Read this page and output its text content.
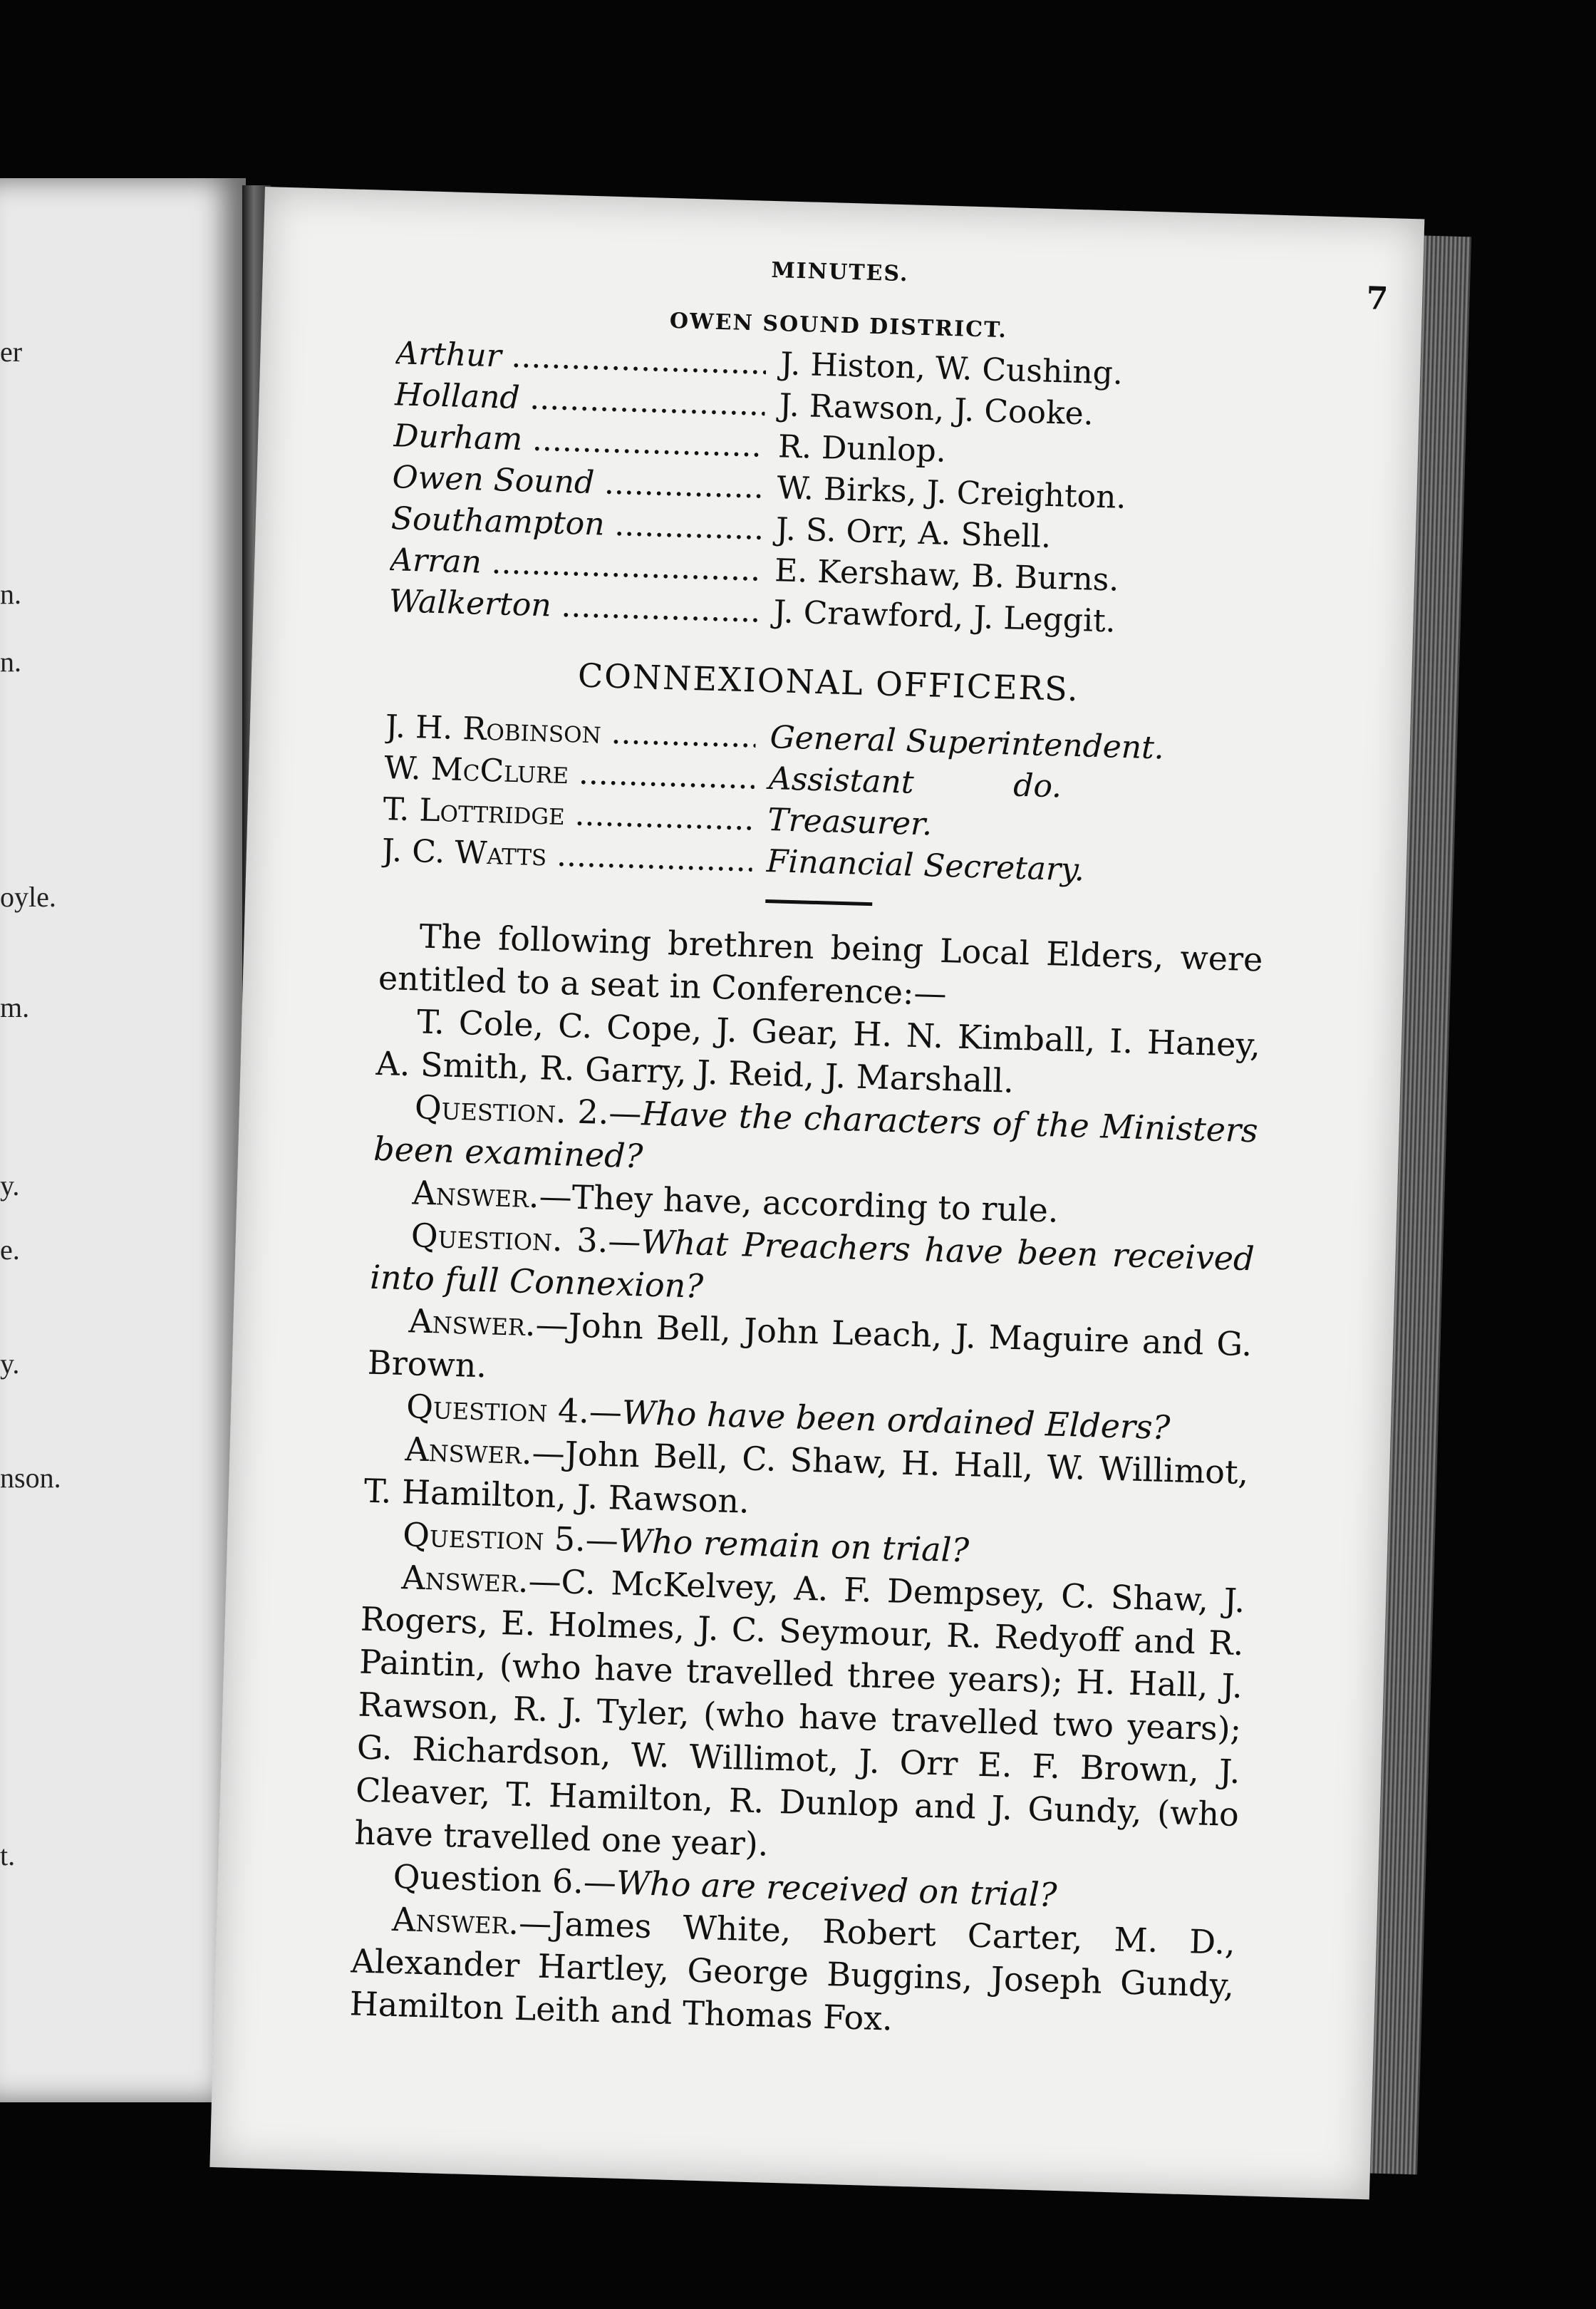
er
n.
n.
oyle.
m.
y.
e.
y.
nson.
t.
MINUTES.
7
OWEN SOUND DISTRICT.
Arthur .....	J. Histon, W. Cushing.
Holland .....	J. Rawson, J. Cooke.
Durham .....	R. Dunlop.
Owen Sound .....	W. Birks, J. Creighton.
Southampton .....	J. S. Orr, A. Shell.
Arran .....	E. Kershaw, B. Burns.
Walkerton .....	J. Crawford, J. Leggit.
CONNEXIONAL OFFICERS.
J. H. Robinson .....	General Superintendent.
W. McClure .....	Assistant          do.
T. Lottridge .....	Treasurer.
J. C. Watts .....	Financial Secretary.

The following brethren being Local Elders, were entitled to a seat in Conference:—

T. Cole, C. Cope, J. Gear, H. N. Kimball, I. Haney, A. Smith, R. Garry, J. Reid, J. Marshall.

Question. 2.—Have the characters of the Ministers been examined?

Answer.—They have, according to rule.

Question. 3.—What Preachers have been received into full Connexion?

Answer.—John Bell, John Leach, J. Maguire and G. Brown.

Question 4.—Who have been ordained Elders?

Answer.—John Bell, C. Shaw, H. Hall, W. Willimot, T. Hamilton, J. Rawson.

Question 5.—Who remain on trial?

Answer.—C. McKelvey, A. F. Dempsey, C. Shaw, J. Rogers, E. Holmes, J. C. Seymour, R. Redyoff and R. Paintin, (who have travelled three years); H. Hall, J. Rawson, R. J. Tyler, (who have travelled two years); G. Richardson, W. Willimot, J. Orr E. F. Brown, J. Cleaver, T. Hamilton, R. Dunlop and J. Gundy, (who have travelled one year).

Question 6.—Who are received on trial?

Answer.—James White, Robert Carter, M. D., Alexander Hartley, George Buggins, Joseph Gundy, Hamilton Leith and Thomas Fox.
